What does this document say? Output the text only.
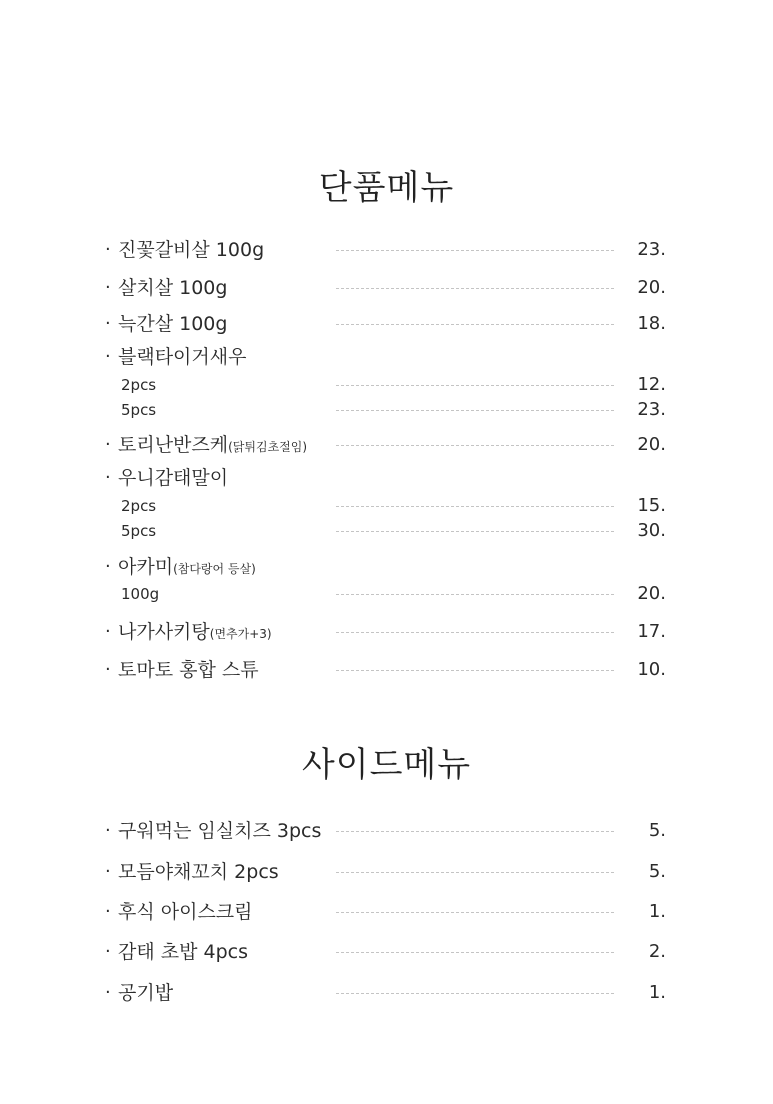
단품메뉴
· 진꽃갈비살 100g	23.
· 살치살 100g	20.
· 늑간살 100g	18.
· 블랙타이거새우
2pcs	12.
5pcs	23.
· 토리난반즈케(닭튀김초절임)	20.
· 우니감태말이
2pcs	15.
5pcs	30.
· 아카미(참다랑어 등살)
100g	20.
· 나가사키탕(면추가+3)	17.
· 토마토 홍합 스튜	10.
사이드메뉴
· 구워먹는 임실치즈 3pcs	5.
· 모듬야채꼬치 2pcs	5.
· 후식 아이스크림	1.
· 감태 초밥 4pcs	2.
· 공기밥	1.
